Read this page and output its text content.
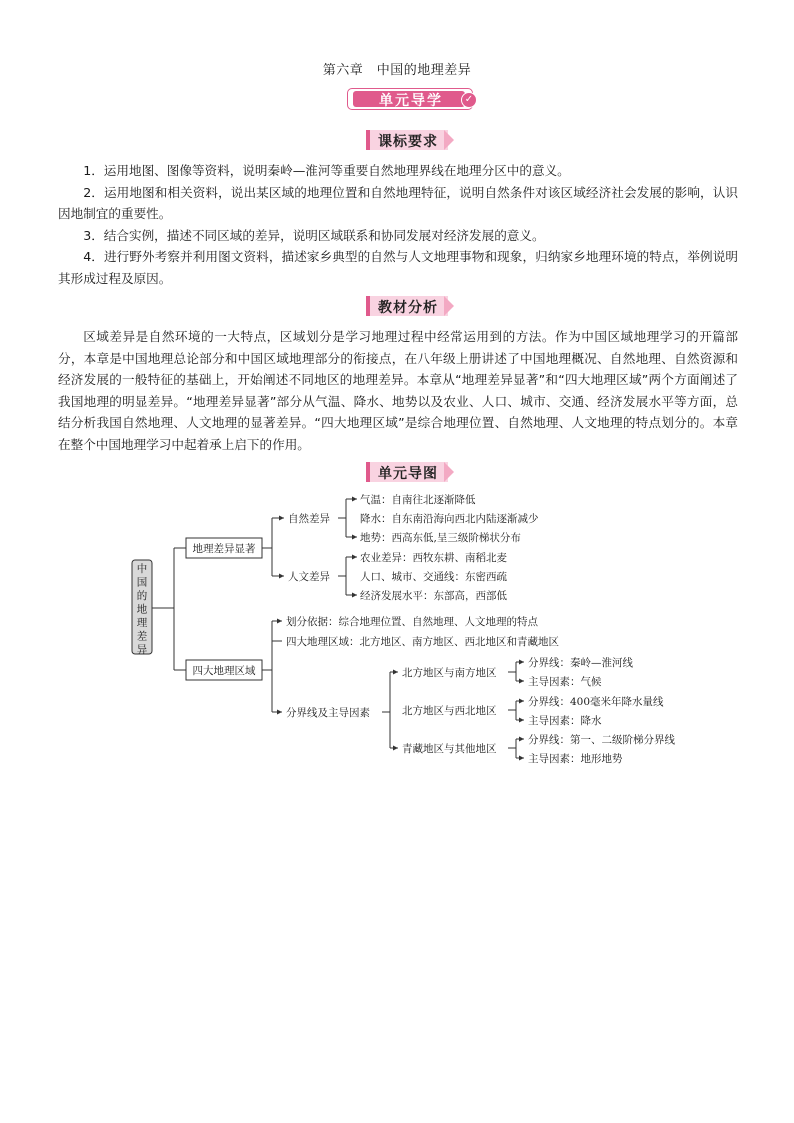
第六章　中国的地理差异
单元导学	✓
课标要求

1．运用地图、图像等资料，说明秦岭—淮河等重要自然地理界线在地理分区中的意义。

2．运用地图和相关资料，说出某区域的地理位置和自然地理特征，说明自然条件对该区域经济社会发展的影响，认识因地制宜的重要性。

3．结合实例，描述不同区域的差异，说明区域联系和协同发展对经济发展的意义。

4．进行野外考察并利用图文资料，描述家乡典型的自然与人文地理事物和现象，归纳家乡地理环境的特点，举例说明其形成过程及原因。

教材分析

区域差异是自然环境的一大特点，区域划分是学习地理过程中经常运用到的方法。作为中国区域地理学习的开篇部分，本章是中国地理总论部分和中国区域地理部分的衔接点，在八年级上册讲述了中国地理概况、自然地理、自然资源和经济发展的一般特征的基础上，开始阐述不同地区的地理差异。本章从“地理差异显著”和“四大地理区域”两个方面阐述了我国地理的明显差异。“地理差异显著”部分从气温、降水、地势以及农业、人口、城市、交通、经济发展水平等方面，总结分析我国自然地理、人文地理的显著差异。“四大地理区域”是综合地理位置、自然地理、人文地理的特点划分的。本章在整个中国地理学习中起着承上启下的作用。

单元导图
中国的地理差异
地理差异显著
四大地理区域
自然差异
人文差异
气温：自南往北逐渐降低
降水：自东南沿海向西北内陆逐渐减少
地势：西高东低,呈三级阶梯状分布
农业差异：西牧东耕、南稻北麦
人口、城市、交通线：东密西疏
经济发展水平：东部高，西部低
划分依据：综合地理位置、自然地理、人文地理的特点
四大地理区域：北方地区、南方地区、西北地区和青藏地区
分界线及主导因素
北方地区与南方地区
北方地区与西北地区
青藏地区与其他地区
分界线：秦岭—淮河线
主导因素：气候
分界线：400毫米年降水量线
主导因素：降水
分界线：第一、二级阶梯分界线
主导因素：地形地势
